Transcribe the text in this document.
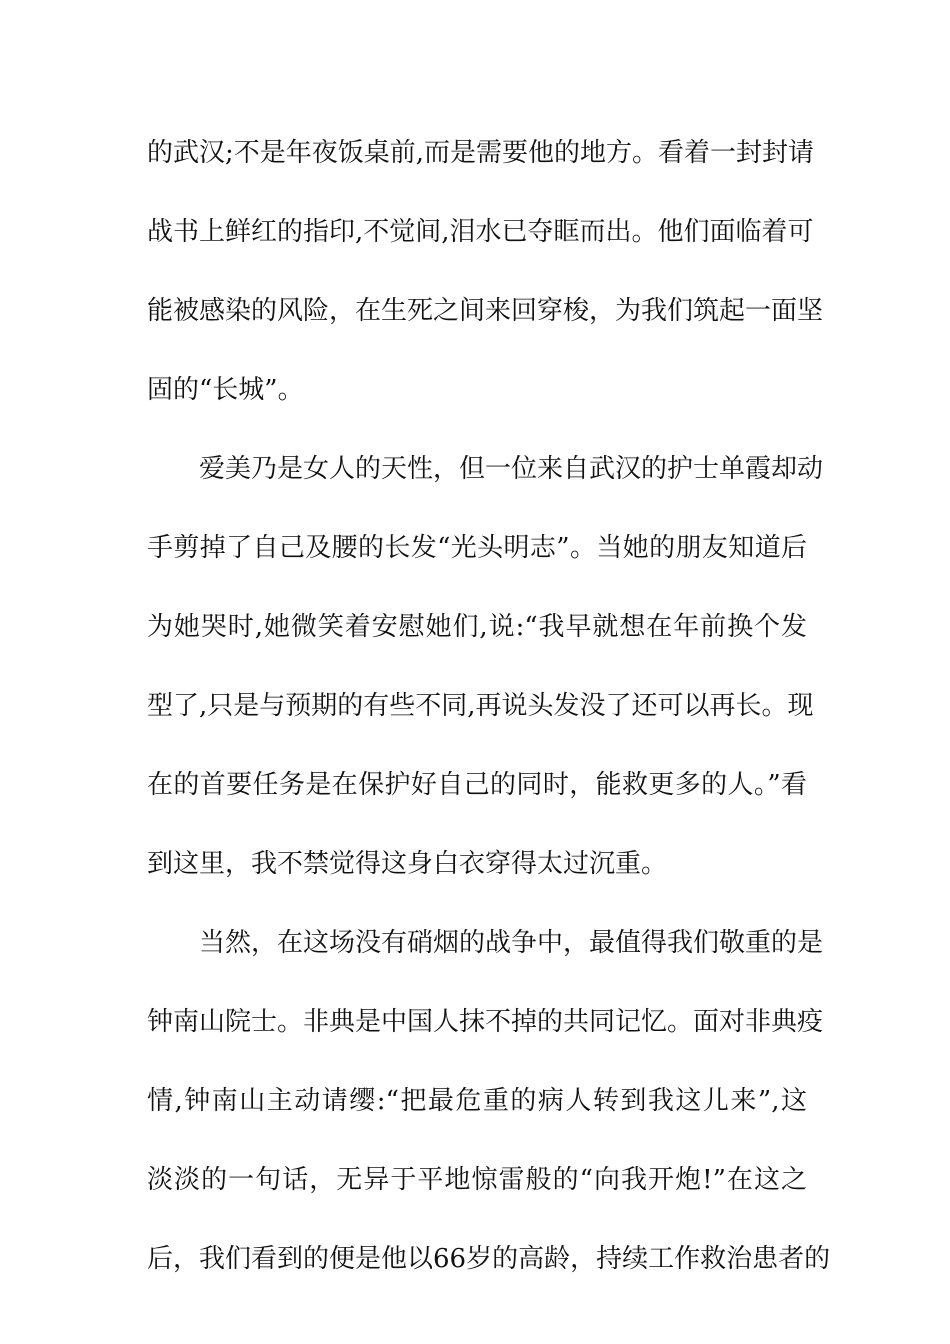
的武汉;不是年夜饭桌前,而是需要他的地方。看着一封封请
战书上鲜红的指印,不觉间,泪水已夺眶而出。他们面临着可
能被感染的风险，在生死之间来回穿梭，为我们筑起一面坚
固的“长城”。
爱美乃是女人的天性，但一位来自武汉的护士单霞却动
手剪掉了自己及腰的长发“光头明志”。当她的朋友知道后
为她哭时,她微笑着安慰她们,说:“我早就想在年前换个发
型了,只是与预期的有些不同,再说头发没了还可以再长。现
在的首要任务是在保护好自己的同时，能救更多的人。”看
到这里，我不禁觉得这身白衣穿得太过沉重。
当然，在这场没有硝烟的战争中，最值得我们敬重的是
钟南山院士。非典是中国人抹不掉的共同记忆。面对非典疫
情,钟南山主动请缨:“把最危重的病人转到我这儿来”,这
淡淡的一句话，无异于平地惊雷般的“向我开炮!”在这之
后，我们看到的便是他以66岁的高龄，持续工作救治患者的
